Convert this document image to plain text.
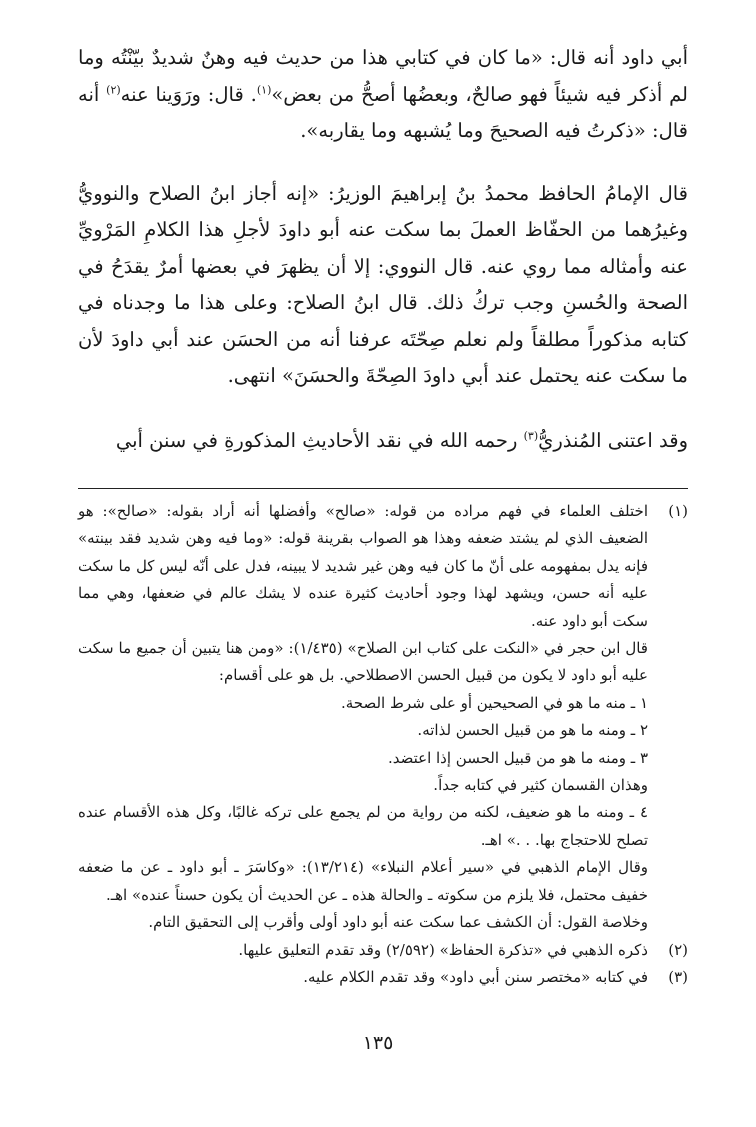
أبي داود أنه قال: «ما كان في كتابي هذا من حديث فيه وهنٌ شديدٌ بيّنْتُه وما لم أذكر فيه شيئاً فهو صالحٌ، وبعضُها أصحُّ من بعض»$^{(١)}$. قال: ورَوَينا عنه$^{(٢)}$ أنه قال: «ذكرتُ فيه الصحيحَ وما يُشبهه وما يقاربه».

قال الإمامُ الحافظ محمدُ بنُ إبراهيمَ الوزيرُ: «إنه أجاز ابنُ الصلاح والنوويُّ وغيرُهما من الحفّاظ العملَ بما سكت عنه أبو داودَ لأجلِ هذا الكلامِ المَرْويِّ عنه وأمثاله مما روي عنه. قال النووي: إلا أن يظهرَ في بعضها أمرٌ يقدَحُ في الصحة والحُسنِ وجب تركُ ذلك. قال ابنُ الصلاح: وعلى هذا ما وجدناه في كتابه مذكوراً مطلقاً ولم نعلم صِحّتَه عرفنا أنه من الحسَن عند أبي داودَ لأن ما سكت عنه يحتمل عند أبي داودَ الصِحّةَ والحسَنَ» انتهى.

وقد اعتنى المُنذريُّ$^{(٣)}$ رحمه الله في نقد الأحاديثِ المذكورةِ في سنن أبي

(١)

اختلف العلماء في فهم مراده من قوله: «صالح» وأفضلها أنه أراد بقوله: «صالح»: هو الضعيف الذي لم يشتد ضعفه وهذا هو الصواب بقرينة قوله: «وما فيه وهن شديد فقد بينته» فإنه يدل بمفهومه على أنّ ما كان فيه وهن غير شديد لا يبينه، فدل على أنّه ليس كل ما سكت عليه أنه حسن، ويشهد لهذا وجود أحاديث كثيرة عنده لا يشك عالم في ضعفها، وهي مما سكت أبو داود عنه.

قال ابن حجر في «النكت على كتاب ابن الصلاح» (١/٤٣٥): «ومن هنا يتبين أن جميع ما سكت عليه أبو داود لا يكون من قبيل الحسن الاصطلاحي. بل هو على أقسام:

١ ـ منه ما هو في الصحيحين أو على شرط الصحة.

٢ ـ ومنه ما هو من قبيل الحسن لذاته.

٣ ـ ومنه ما هو من قبيل الحسن إذا اعتضد.

وهذان القسمان كثير في كتابه جداً.

٤ ـ ومنه ما هو ضعيف، لكنه من رواية من لم يجمع على تركه غالبًا، وكل هذه الأقسام عنده تصلح للاحتجاج بها. . .» اهـ.

وقال الإمام الذهبي في «سير أعلام النبلاء» (١٣/٢١٤): «وكاسَرَ ـ أبو داود ـ عن ما ضعفه خفيف محتمل، فلا يلزم من سكوته ـ والحالة هذه ـ عن الحديث أن يكون حسناً عنده» اهـ.

وخلاصة القول: أن الكشف عما سكت عنه أبو داود أولى وأقرب إلى التحقيق التام.

(٢)

ذكره الذهبي في «تذكرة الحفاظ» (٢/٥٩٢) وقد تقدم التعليق عليها.

(٣)

في كتابه «مختصر سنن أبي داود» وقد تقدم الكلام عليه.

١٣٥
